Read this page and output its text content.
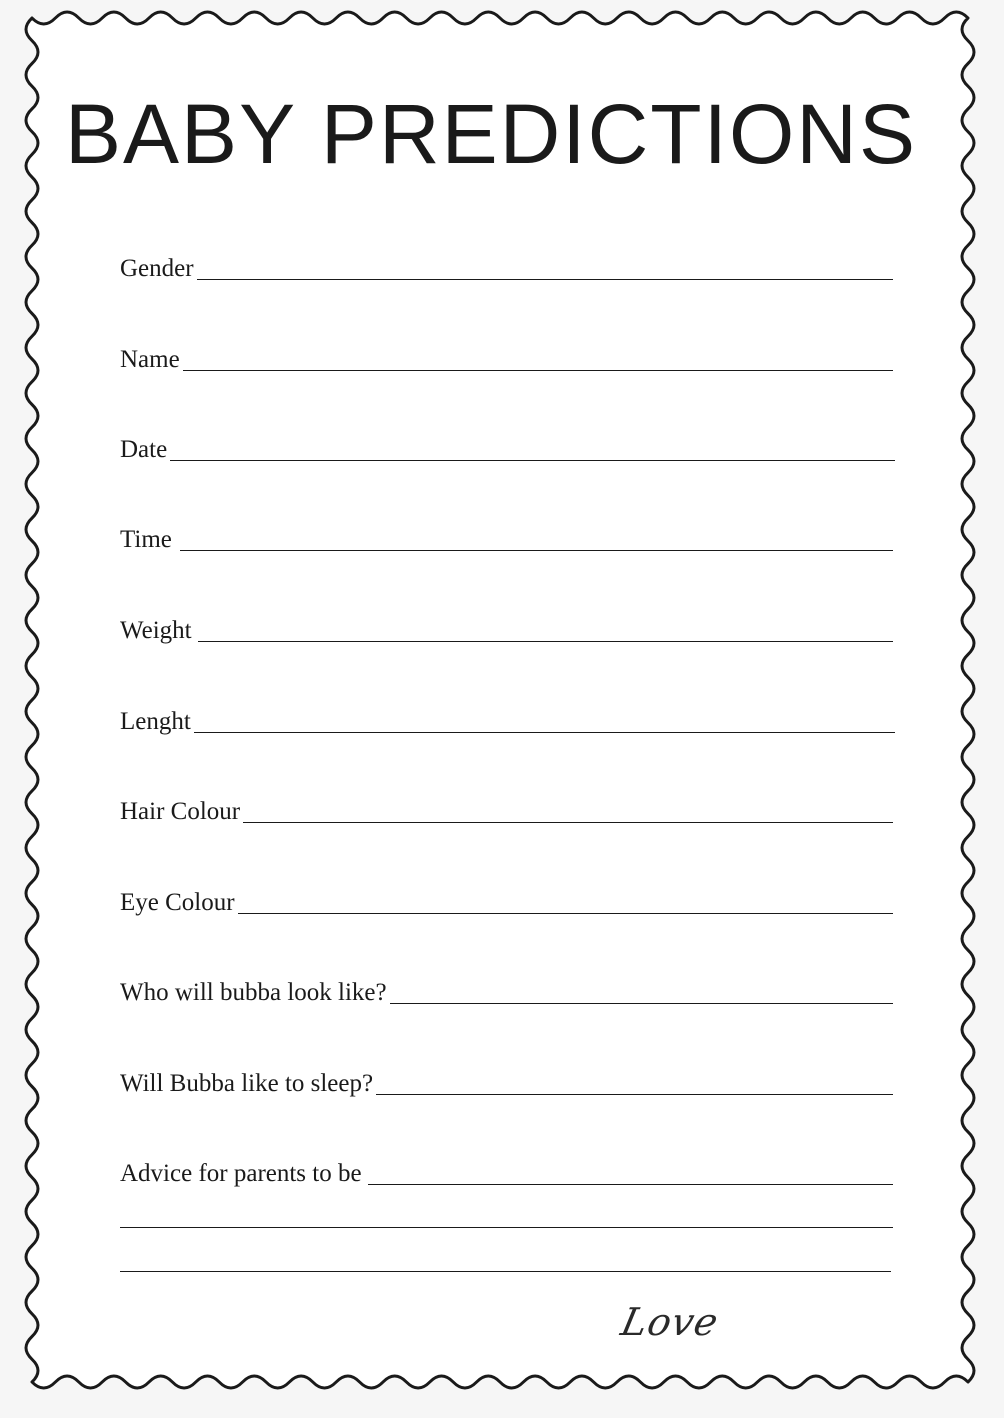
BABY PREDICTIONS
Gender
Name
Date
Time
Weight
Lenght
Hair Colour
Eye Colour
Who will bubba look like?
Will Bubba like to sleep?
Advice for parents to be
Love
